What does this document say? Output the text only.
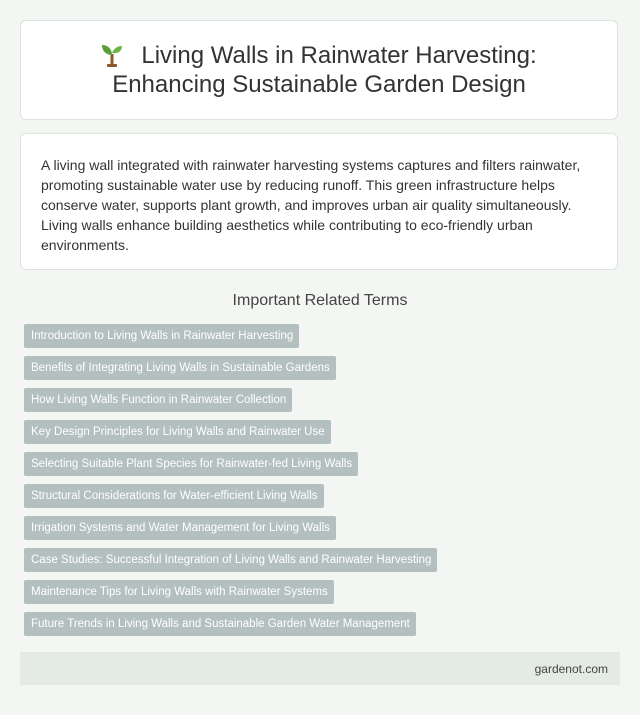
Living Walls in Rainwater Harvesting: Enhancing Sustainable Garden Design

A living wall integrated with rainwater harvesting systems captures and filters rainwater, promoting sustainable water use by reducing runoff. This green infrastructure helps conserve water, supports plant growth, and improves urban air quality simultaneously. Living walls enhance building aesthetics while contributing to eco-friendly urban environments.

Important Related Terms
Introduction to Living Walls in Rainwater Harvesting
Benefits of Integrating Living Walls in Sustainable Gardens
How Living Walls Function in Rainwater Collection
Key Design Principles for Living Walls and Rainwater Use
Selecting Suitable Plant Species for Rainwater-fed Living Walls
Structural Considerations for Water-efficient Living Walls
Irrigation Systems and Water Management for Living Walls
Case Studies: Successful Integration of Living Walls and Rainwater Harvesting
Maintenance Tips for Living Walls with Rainwater Systems
Future Trends in Living Walls and Sustainable Garden Water Management
gardenot.com
